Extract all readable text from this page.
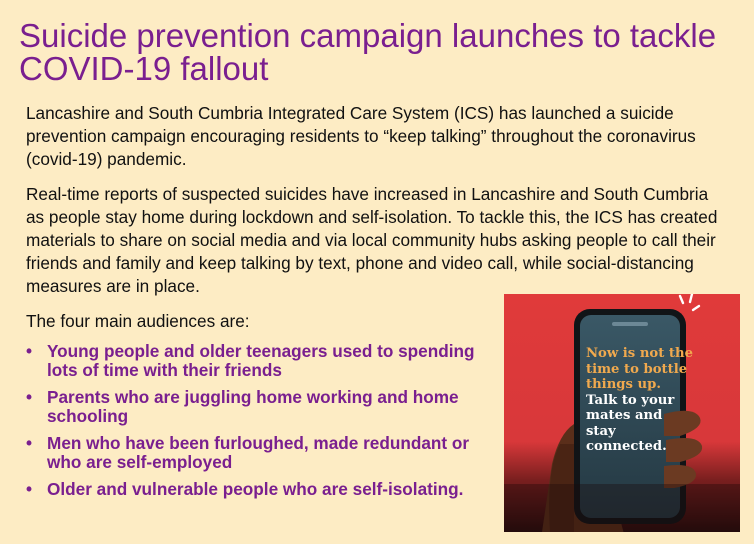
Suicide prevention campaign launches to tackle COVID-19 fallout

Lancashire and South Cumbria Integrated Care System (ICS) has launched a suicide prevention campaign encouraging residents to “keep talking” throughout the coronavirus (covid-19) pandemic.

Real-time reports of suspected suicides have increased in Lancashire and South Cumbria as people stay home during lockdown and self-isolation. To tackle this, the ICS has created materials to share on social media and via local community hubs asking people to call their friends and family and keep talking by text, phone and video call, while social-distancing measures are in place.

The four main audiences are:

• Young people and older teenagers used to spending lots of time with their friends
• Parents who are juggling home working and home schooling
• Men who have been furloughed, made redundant or who are self-employed
• Older and vulnerable people who are self-isolating.

Now is not the time to bottle things up.
Talk to your mates and stay connected.
